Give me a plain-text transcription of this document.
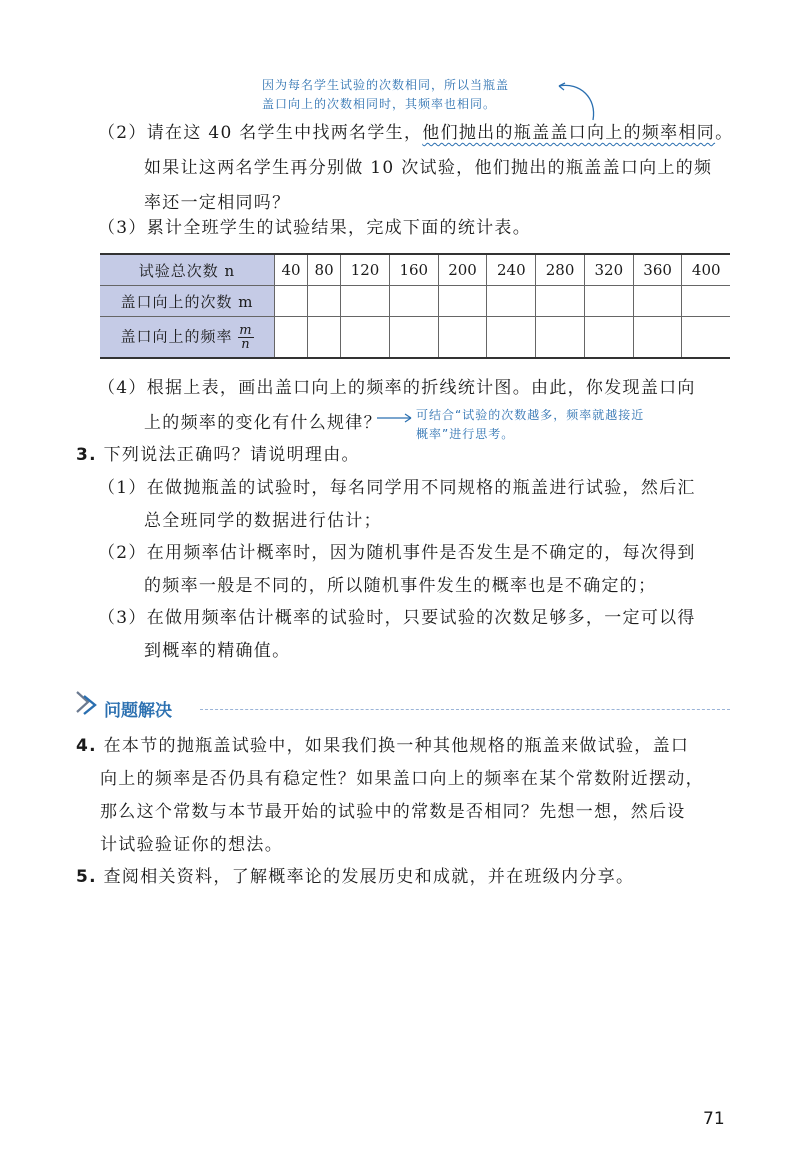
因为每名学生试验的次数相同，所以当瓶盖
盖口向上的次数相同时，其频率也相同。
（2）请在这 40 名学生中找两名学生，他们抛出的瓶盖盖口向上的频率相同。
如果让这两名学生再分别做 10 次试验，他们抛出的瓶盖盖口向上的频
率还一定相同吗？
（3）累计全班学生的试验结果，完成下面的统计表。
试验总次数 n	40	80	120	160	200	240	280	320	360	400
盖口向上的次数 m										
盖口向上的频率 $\frac{m}{n}$

（4）根据上表，画出盖口向上的频率的折线统计图。由此，你发现盖口向
上的频率的变化有什么规律？	可结合“试验的次数越多，频率就越接近
概率”进行思考。
3. 下列说法正确吗？请说明理由。
（1）在做抛瓶盖的试验时，每名同学用不同规格的瓶盖进行试验，然后汇
总全班同学的数据进行估计；
（2）在用频率估计概率时，因为随机事件是否发生是不确定的，每次得到
的频率一般是不同的，所以随机事件发生的概率也是不确定的；
（3）在做用频率估计概率的试验时，只要试验的次数足够多，一定可以得
到概率的精确值。
问题解决
4. 在本节的抛瓶盖试验中，如果我们换一种其他规格的瓶盖来做试验，盖口
向上的频率是否仍具有稳定性？如果盖口向上的频率在某个常数附近摆动，
那么这个常数与本节最开始的试验中的常数是否相同？先想一想，然后设
计试验验证你的想法。
5. 查阅相关资料，了解概率论的发展历史和成就，并在班级内分享。
71
